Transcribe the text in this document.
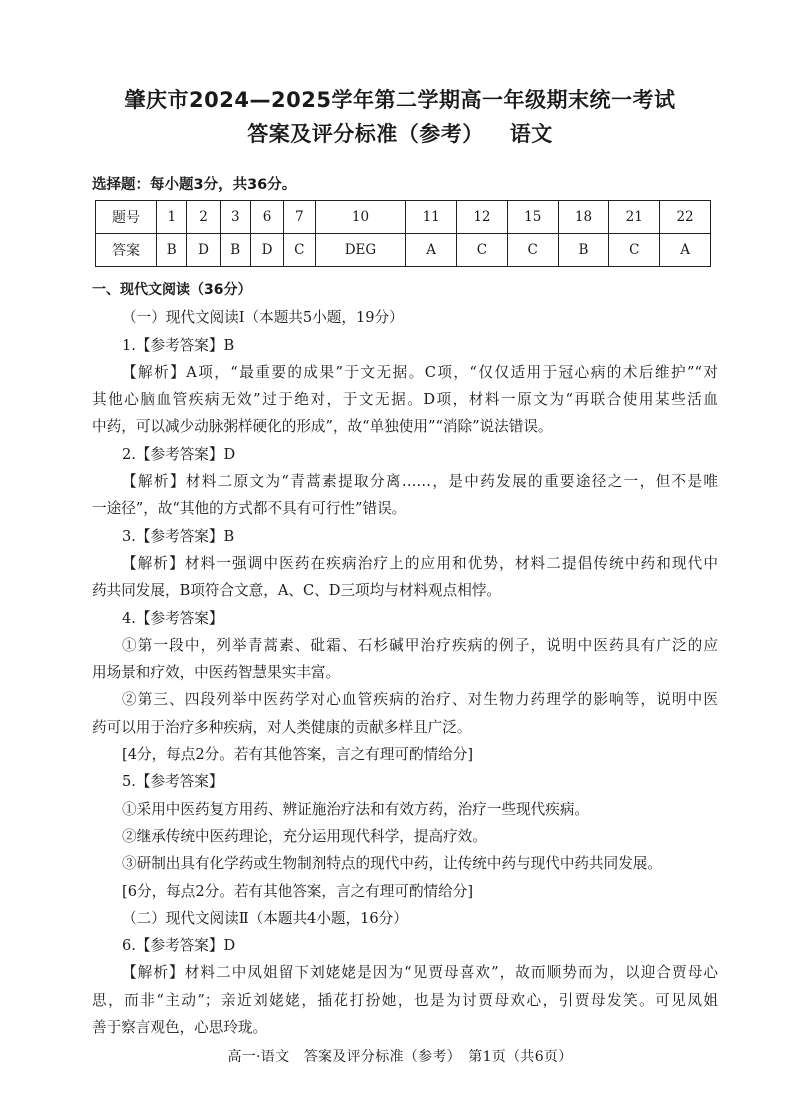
肇庆市2024—2025学年第二学期高一年级期末统一考试
答案及评分标准（参考） 语文
选择题：每小题3分，共36分。
题号	1	2	3	6	7	10	11	12	15	18	21	22
答案	B	D	B	D	C	DEG	A	C	C	B	C	A

一、现代文阅读（36分）

（一）现代文阅读Ⅰ（本题共5小题，19分）

1.【参考答案】B

【解析】A项，“最重要的成果”于文无据。C项，“仅仅适用于冠心病的术后维护”“对

其他心脑血管疾病无效”过于绝对，于文无据。D项，材料一原文为“再联合使用某些活血

中药，可以减少动脉粥样硬化的形成”，故“单独使用”“消除”说法错误。

2.【参考答案】D

【解析】材料二原文为“青蒿素提取分离……，是中药发展的重要途径之一，但不是唯

一途径”，故“其他的方式都不具有可行性”错误。

3.【参考答案】B

【解析】材料一强调中医药在疾病治疗上的应用和优势，材料二提倡传统中药和现代中

药共同发展，B项符合文意，A、C、D三项均与材料观点相悖。

4.【参考答案】

①第一段中，列举青蒿素、砒霜、石杉碱甲治疗疾病的例子，说明中医药具有广泛的应

用场景和疗效，中医药智慧果实丰富。

②第三、四段列举中医药学对心血管疾病的治疗、对生物力药理学的影响等，说明中医

药可以用于治疗多种疾病，对人类健康的贡献多样且广泛。

[4分，每点2分。若有其他答案，言之有理可酌情给分]

5.【参考答案】

①采用中医药复方用药、辨证施治疗法和有效方药，治疗一些现代疾病。

②继承传统中医药理论，充分运用现代科学，提高疗效。

③研制出具有化学药或生物制剂特点的现代中药，让传统中药与现代中药共同发展。

[6分，每点2分。若有其他答案，言之有理可酌情给分]

（二）现代文阅读Ⅱ（本题共4小题，16分）

6.【参考答案】D

【解析】材料二中凤姐留下刘姥姥是因为“见贾母喜欢”，故而顺势而为，以迎合贾母心

思，而非“主动”；亲近刘姥姥，插花打扮她，也是为讨贾母欢心，引贾母发笑。可见凤姐

善于察言观色，心思玲珑。

高一·语文　答案及评分标准（参考）　第1页（共6页）
